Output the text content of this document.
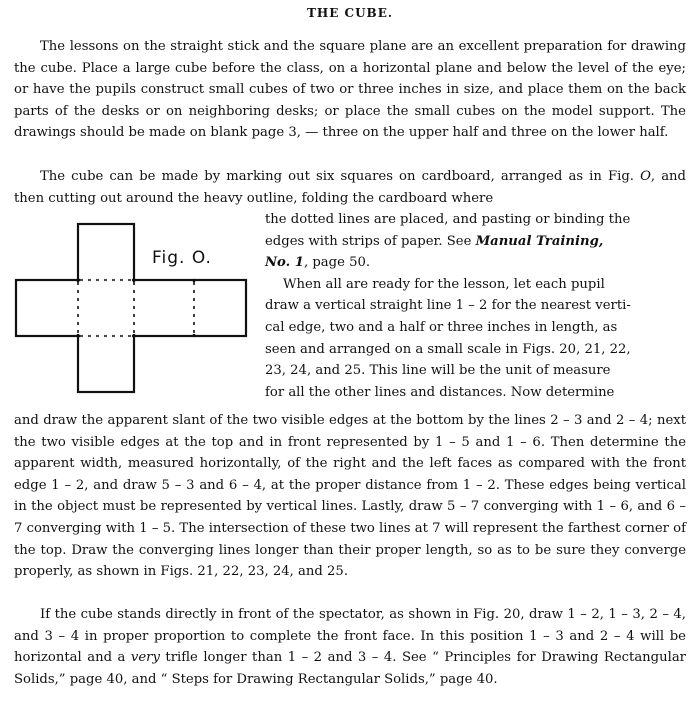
THE CUBE.

The lessons on the straight stick and the square plane are an excellent preparation for drawing the cube. Place a large cube before the class, on a horizontal plane and below the level of the eye; or have the pupils construct small cubes of two or three inches in size, and place them on the back parts of the desks or on neighboring desks; or place the small cubes on the model support. The drawings should be made on blank page 3, — three on the upper half and three on the lower half.

The cube can be made by marking out six squares on cardboard, arranged as in Fig. O, and then cutting out around the heavy outline, folding the cardboard where

the dotted lines are placed, and pasting or binding the
edges with strips of paper. See Manual Training,
No. 1, page 50.
When all are ready for the lesson, let each pupil
draw a vertical straight line 1 – 2 for the nearest verti-
cal edge, two and a half or three inches in length, as
seen and arranged on a small scale in Figs. 20, 21, 22,
23, 24, and 25. This line will be the unit of measure
for all the other lines and distances. Now determine
Fig. O.

and draw the apparent slant of the two visible edges at the bottom by the lines 2 – 3 and 2 – 4; next the two visible edges at the top and in front represented by 1 – 5 and 1 – 6. Then determine the apparent width, measured horizontally, of the right and the left faces as compared with the front edge 1 – 2, and draw 5 – 3 and 6 – 4, at the proper distance from 1 – 2. These edges being vertical in the object must be represented by vertical lines. Lastly, draw 5 – 7 converging with 1 – 6, and 6 – 7 converging with 1 – 5. The intersection of these two lines at 7 will represent the farthest corner of the top. Draw the converging lines longer than their proper length, so as to be sure they converge properly, as shown in Figs. 21, 22, 23, 24, and 25.

If the cube stands directly in front of the spectator, as shown in Fig. 20, draw 1 – 2, 1 – 3, 2 – 4, and 3 – 4 in proper proportion to complete the front face. In this position 1 – 3 and 2 – 4 will be horizontal and a very trifle longer than 1 – 2 and 3 – 4. See “ Principles for Drawing Rectangular Solids,” page 40, and “ Steps for Drawing Rectangular Solids,” page 40.
